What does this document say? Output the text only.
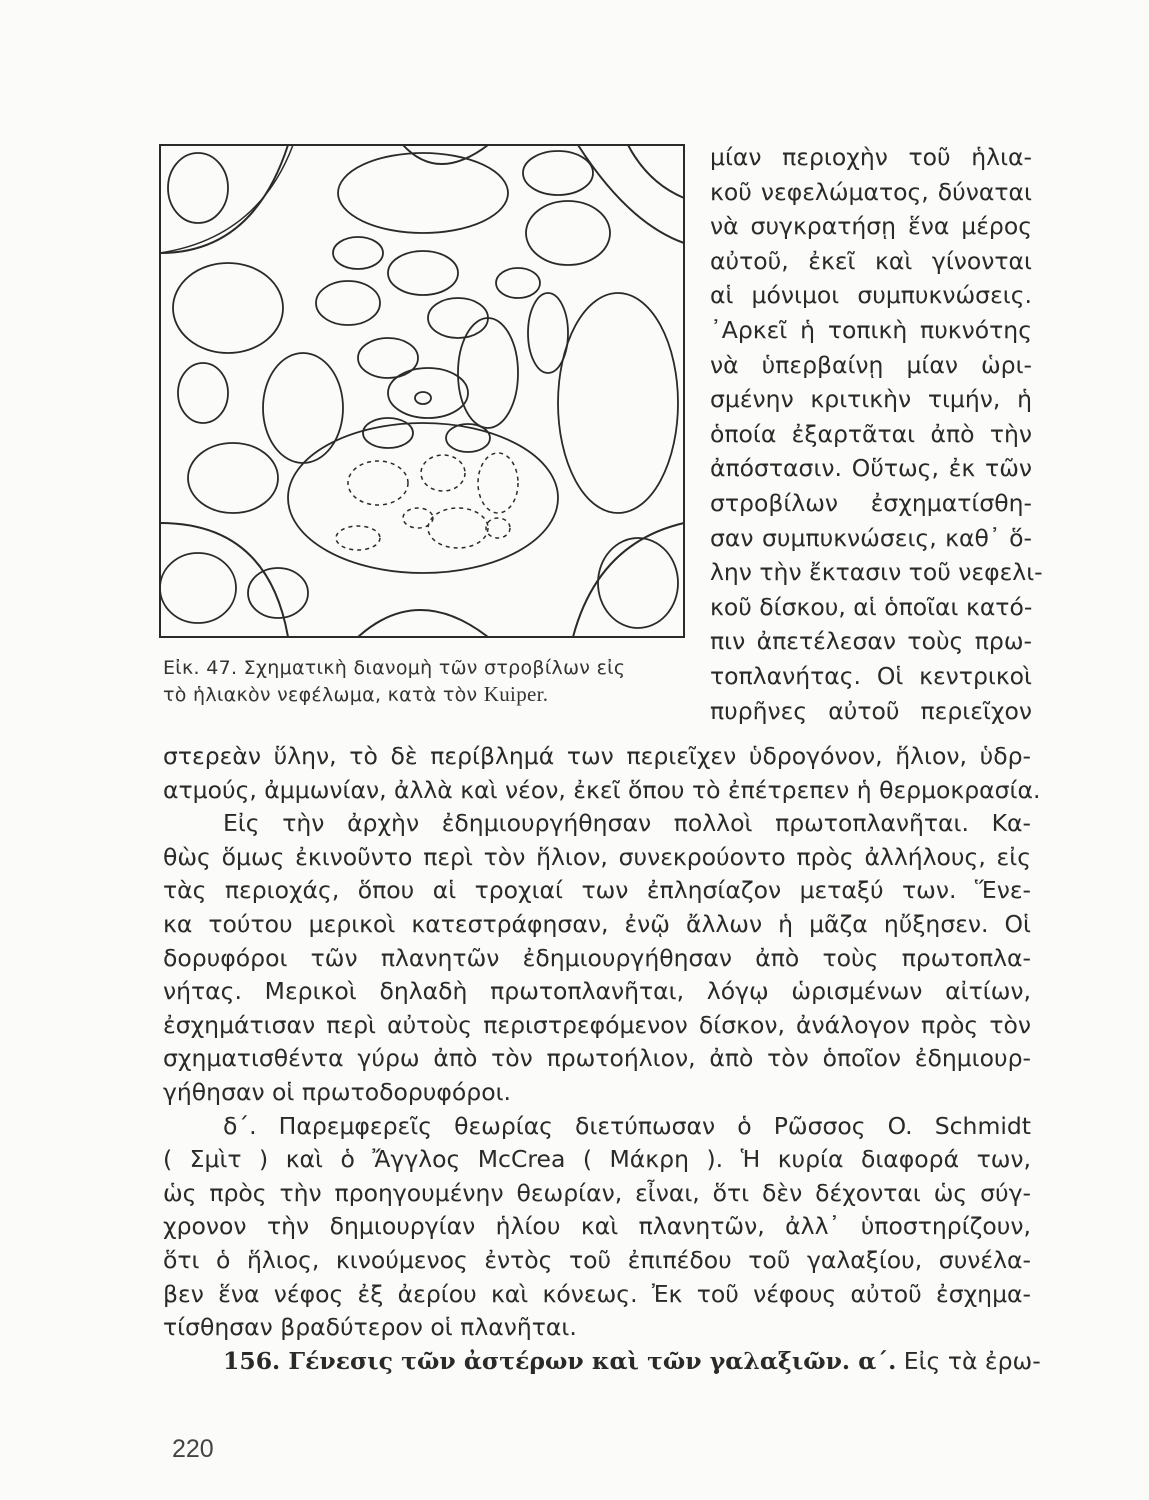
Εἰκ. 47. Σχηματικὴ διανομὴ τῶν στροβίλων εἰς
τὸ ἡλιακὸν νεφέλωμα, κατὰ τὸν Kuiper.
μίαν περιοχὴν τοῦ ἡλια-
κοῦ νεφελώματος, δύναται
νὰ συγκρατήσῃ ἕνα μέρος
αὐτοῦ, ἐκεῖ καὶ γίνονται
αἱ μόνιμοι συμπυκνώσεις.
᾿Αρκεῖ ἡ τοπικὴ πυκνότης
νὰ ὑπερβαίνῃ μίαν ὡρι-
σμένην κριτικὴν τιμήν, ἡ
ὁποία ἐξαρτᾶται ἀπὸ τὴν
ἀπόστασιν. Οὕτως, ἐκ τῶν
στροβίλων ἐσχηματίσθη-
σαν συμπυκνώσεις, καθ᾿ ὅ-
λην τὴν ἔκτασιν τοῦ νεφελι-
κοῦ δίσκου, αἱ ὁποῖαι κατό-
πιν ἀπετέλεσαν τοὺς πρω-
τοπλανήτας. Οἱ κεντρικοὶ
πυρῆνες αὐτοῦ περιεῖχον
στερεὰν ὕλην, τὸ δὲ περίβλημά των περιεῖχεν ὑδρογόνον, ἥλιον, ὑδρ-
ατμούς, ἀμμωνίαν, ἀλλὰ καὶ νέον, ἐκεῖ ὅπου τὸ ἐπέτρεπεν ἡ θερμοκρασία.
Εἰς τὴν ἀρχὴν ἐδημιουργήθησαν πολλοὶ πρωτοπλανῆται. Κα-
θὼς ὅμως ἐκινοῦντο περὶ τὸν ἥλιον, συνεκρούοντο πρὸς ἀλλήλους, εἰς
τὰς περιοχάς, ὅπου αἱ τροχιαί των ἐπλησίαζον μεταξύ των. Ἕνε-
κα τούτου μερικοὶ κατεστράφησαν, ἐνῷ ἄλλων ἡ μᾶζα ηὔξησεν. Οἱ
δορυφόροι τῶν πλανητῶν ἐδημιουργήθησαν ἀπὸ τοὺς πρωτοπλα-
νήτας. Μερικοὶ δηλαδὴ πρωτοπλανῆται, λόγῳ ὡρισμένων αἰτίων,
ἐσχημάτισαν περὶ αὐτοὺς περιστρεφόμενον δίσκον, ἀνάλογον πρὸς τὸν
σχηματισθέντα γύρω ἀπὸ τὸν πρωτοήλιον, ἀπὸ τὸν ὁποῖον ἐδημιουρ-
γήθησαν οἱ πρωτοδορυφόροι.
δ΄. Παρεμφερεῖς θεωρίας διετύπωσαν ὁ Ρῶσσος O. Schmidt
( Σμὶτ ) καὶ ὁ Ἄγγλος McCrea ( Μάκρη ). Ἡ κυρία διαφορά των,
ὡς πρὸς τὴν προηγουμένην θεωρίαν, εἶναι, ὅτι δὲν δέχονται ὡς σύγ-
χρονον τὴν δημιουργίαν ἡλίου καὶ πλανητῶν, ἀλλ᾿ ὑποστηρίζουν,
ὅτι ὁ ἥλιος, κινούμενος ἐντὸς τοῦ ἐπιπέδου τοῦ γαλαξίου, συνέλα-
βεν ἕνα νέφος ἐξ ἀερίου καὶ κόνεως. Ἐκ τοῦ νέφους αὐτοῦ ἐσχημα-
τίσθησαν βραδύτερον οἱ πλανῆται.
156. Γένεσις τῶν ἀστέρων καὶ τῶν γαλαξιῶν. α΄. Εἰς τὰ ἐρω-
220
